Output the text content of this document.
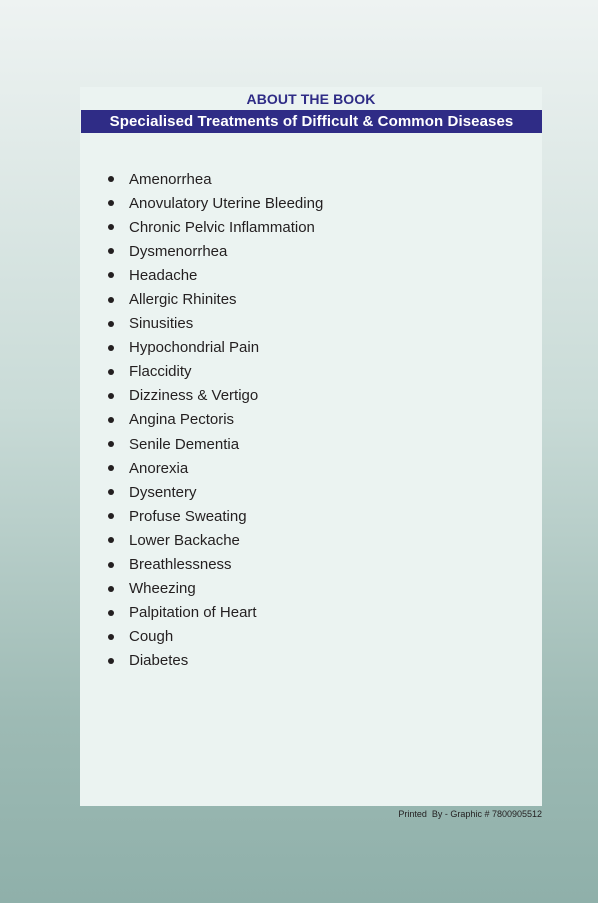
ABOUT THE BOOK
Specialised Treatments of Difficult & Common Diseases
Amenorrhea
Anovulatory Uterine Bleeding
Chronic Pelvic Inflammation
Dysmenorrhea
Headache
Allergic Rhinites
Sinusities
Hypochondrial Pain
Flaccidity
Dizziness & Vertigo
Angina Pectoris
Senile Dementia
Anorexia
Dysentery
Profuse Sweating
Lower Backache
Breathlessness
Wheezing
Palpitation of Heart
Cough
Diabetes
Printed  By - Graphic # 7800905512
